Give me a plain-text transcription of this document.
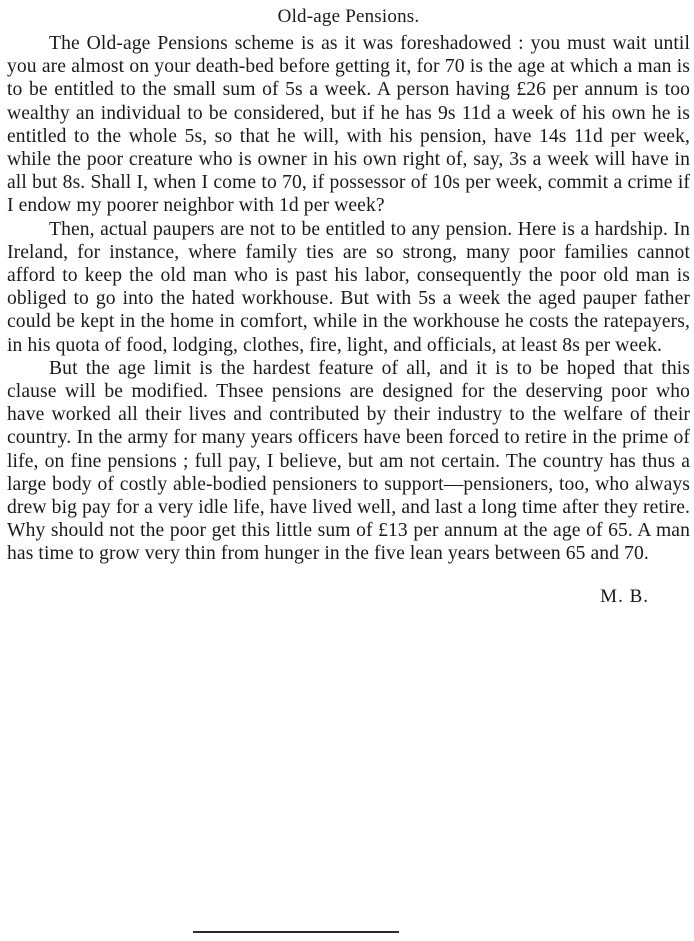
Old-age Pensions.

The Old-age Pensions scheme is as it was foreshadowed : you must wait until you are almost on your death-bed before getting it, for 70 is the age at which a man is to be entitled to the small sum of 5s a week. A person having £26 per annum is too wealthy an individual to be considered, but if he has 9s 11d a week of his own he is entitled to the whole 5s, so that he will, with his pension, have 14s 11d per week, while the poor creature who is owner in his own right of, say, 3s a week will have in all but 8s. Shall I, when I come to 70, if possessor of 10s per week, commit a crime if I endow my poorer neighbor with 1d per week?

Then, actual paupers are not to be entitled to any pension. Here is a hardship. In Ireland, for instance, where family ties are so strong, many poor families cannot afford to keep the old man who is past his labor, consequently the poor old man is obliged to go into the hated workhouse. But with 5s a week the aged pauper father could be kept in the home in comfort, while in the workhouse he costs the ratepayers, in his quota of food, lodging, clothes, fire, light, and officials, at least 8s per week.

But the age limit is the hardest feature of all, and it is to be hoped that this clause will be modified. Thsee pensions are designed for the deserving poor who have worked all their lives and contributed by their industry to the welfare of their country. In the army for many years officers have been forced to retire in the prime of life, on fine pensions ; full pay, I believe, but am not certain. The country has thus a large body of costly able-bodied pensioners to support—pensioners, too, who always drew big pay for a very idle life, have lived well, and last a long time after they retire. Why should not the poor get this little sum of £13 per annum at the age of 65. A man has time to grow very thin from hunger in the five lean years between 65 and 70.

M. B.
